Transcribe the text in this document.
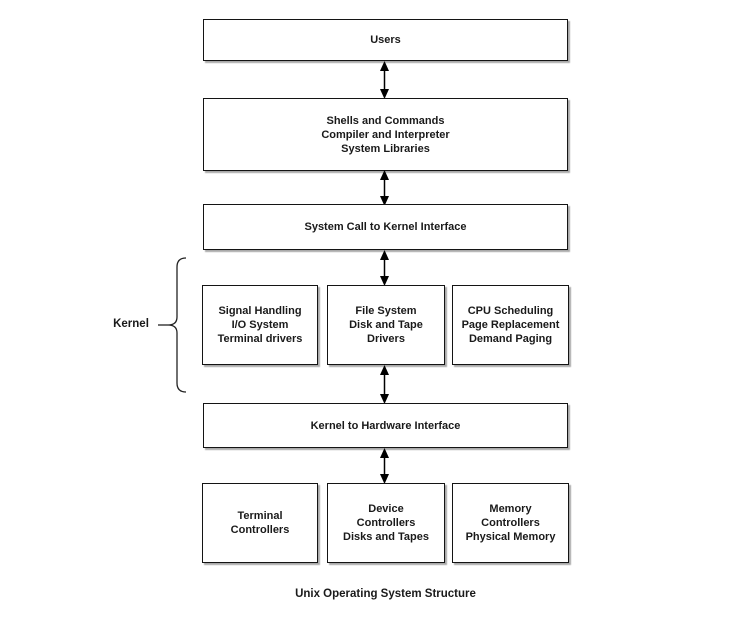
Users
Shells and Commands
Compiler and Interpreter
System Libraries
System Call to Kernel Interface
Kernel
Signal Handling
I/O System
Terminal drivers
File System
Disk and Tape
Drivers
CPU Scheduling
Page Replacement
Demand Paging
Kernel to Hardware Interface
Terminal
Controllers
Device
Controllers
Disks and Tapes
Memory
Controllers
Physical Memory
Unix Operating System Structure
